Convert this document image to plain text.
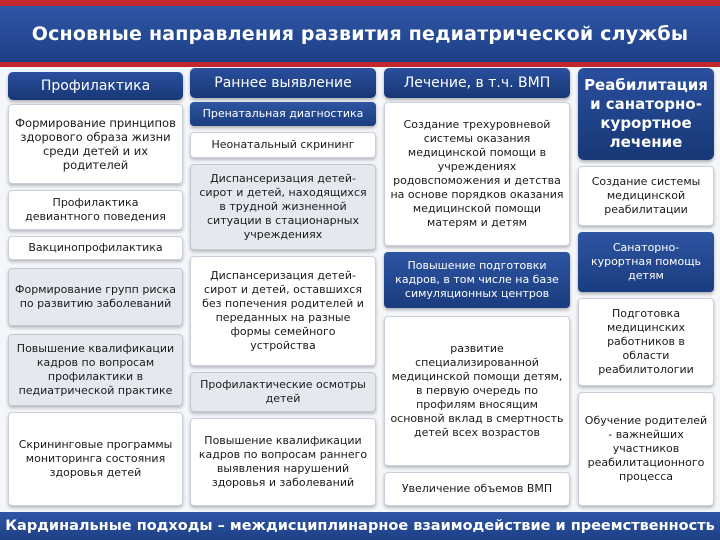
Основные направления развития педиатрической службы
Профилактика
Формирование принципов здорового образа жизни среди детей и их родителей
Профилактика девиантного поведения
Вакцинопрофилактика
Формирование групп риска по развитию заболеваний
Повышение квалификации кадров по вопросам профилактики в педиатрической практике
Скрининговые программы мониторинга состояния здоровья детей
Раннее выявление
Пренатальная диагностика
Неонатальный скрининг
Диспансеризация детей-сирот и детей, находящихся в трудной жизненной ситуации в стационарных учреждениях
Диспансеризация детей-сирот и детей, оставшихся без попечения родителей и переданных на разные формы семейного устройства
Профилактические осмотры детей
Повышение квалификации кадров по вопросам раннего выявления нарушений здоровья и заболеваний
Лечение, в т.ч. ВМП
Создание трехуровневой системы оказания медицинской помощи в учреждениях родовспоможения и детства на основе порядков оказания медицинской помощи матерям и детям
Повышение подготовки кадров, в том числе на базе симуляционных центров
развитие специализированной медицинской помощи детям, в первую очередь по профилям вносящим основной вклад в смертность детей всех возрастов
Увеличение объемов ВМП
Реабилитация и санаторно-курортное лечение
Создание системы медицинской реабилитации
Санаторно-курортная помощь детям
Подготовка медицинских работников в области реабилитологии
Обучение родителей - важнейших участников реабилитационного процесса
Кардинальные подходы – междисциплинарное взаимодействие и преемственность
